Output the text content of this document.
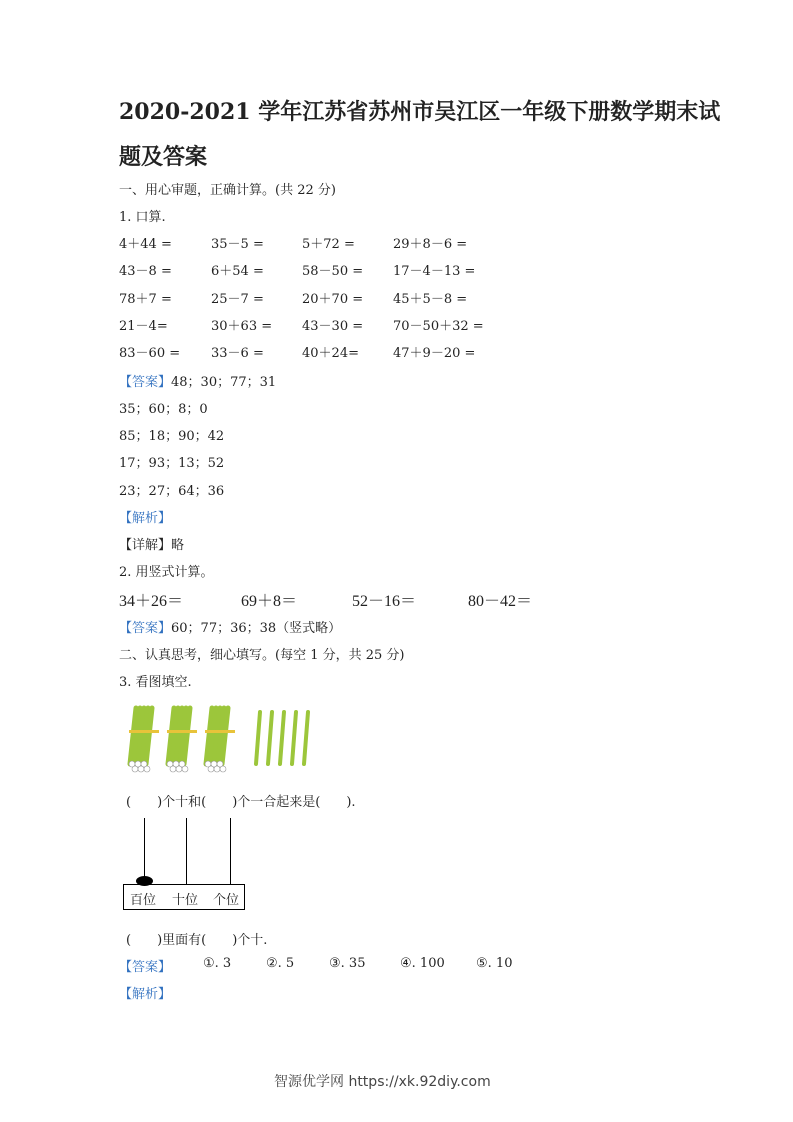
2020-2021 学年江苏省苏州市吴江区一年级下册数学期末试
题及答案
一、用心审题，正确计算。(共 22 分)
1. 口算.
4＋44 =	35－5 =	5＋72 =	29＋8－6 =
43－8 =	6＋54 =	58－50 = 17－4－13 =
78＋7 =	25－7 =	20＋70 = 45＋5－8 =
21－4=	30＋63 = 43－30 = 70－50＋32 =
83－60 = 33－6 =	40＋24=	47＋9－20 =
【答案】48；30；77；31
35；60；8；0
85；18；90；42
17；93；13；52
23；27；64；36
【解析】
【详解】略
2. 用竖式计算。
34＋26＝	69＋8＝	52－16＝	80－42＝
【答案】60；77；36；38（竖式略）
二、认真思考，细心填写。(每空 1 分，共 25 分)
3. 看图填空.
(　　)个十和(　　)个一合起来是(　　).
百位 十位 个位
(　　)里面有(　　)个十.
【答案】 ①. 3	②. 5	③. 35	④. 100 ⑤. 10
【解析】
智源优学网 https://xk.92diy.com
